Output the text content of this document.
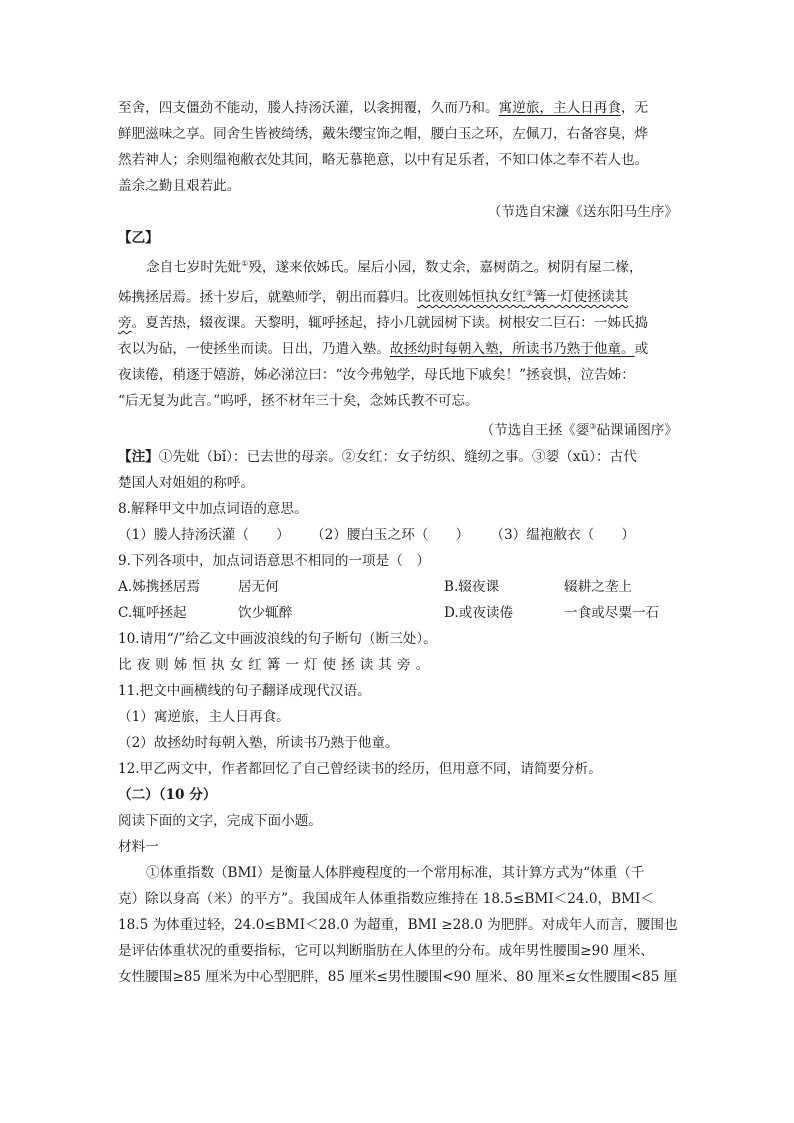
至舍，四支僵劲不能动，媵人持汤沃灌，以衾拥覆，久而乃和。寓逆旅，主人日再食，无
鲜肥滋味之享。同舍生皆被绮绣，戴朱缨宝饰之帽，腰白玉之环，左佩刀，右备容臭，烨
然若神人；余则缊袍敝衣处其间，略无慕艳意，以中有足乐者，不知口体之奉不若人也。
盖余之勤且艰若此。
（节选自宋濂《送东阳马生序》
【乙】
念自七岁时先妣①殁，遂来依姊氏。屋后小园，数丈余，嘉树荫之。树阴有屋二椽，
姊携拯居焉。拯十岁后，就塾师学，朝出而暮归。比夜则姊恒执女红②篝一灯使拯读其
旁。夏苦热，辍夜课。天黎明，辄呼拯起，持小几就园树下读。树根安二巨石：一姊氏捣
衣以为砧，一使拯坐而读。日出，乃遣入塾。故拯幼时每朝入塾，所读书乃熟于他童。或
夜读倦，稍逐于嬉游，姊必涕泣曰：“汝今弗勉学，母氏地下戚矣！”拯哀惧，泣告姊：
“后无复为此言。”呜呼，拯不材年三十矣，念姊氏教不可忘。
（节选自王拯《媭③砧课诵图序》
【注】①先妣（bǐ）：已去世的母亲。②女红：女子纺织、缝纫之事。③媭（xū）：古代
楚国人对姐姐的称呼。
8.解释甲文中加点词语的意思。
（1）媵人持汤沃灌（　　） （2）腰白玉之环（　　） （3）缊袍敝衣（　　）
9.下列各项中，加点词语意思不相同的一项是（　）
A.姊携拯居焉	居无何	B.辍夜课	辍耕之垄上
C.辄呼拯起	饮少辄醉	D.或夜读倦	一食或尽粟一石
10.请用“/”给乙文中画波浪线的句子断句（断三处）。
比夜则姊恒执女红篝一灯使拯读其旁。
11.把文中画横线的句子翻译成现代汉语。
（1）寓逆旅，主人日再食。
（2）故拯幼时每朝入塾，所读书乃熟于他童。
12.甲乙两文中，作者都回忆了自己曾经读书的经历，但用意不同，请简要分析。
（二）（10 分）
阅读下面的文字，完成下面小题。
材料一
①体重指数（BMI）是衡量人体胖瘦程度的一个常用标准，其计算方式为“体重（千
克）除以身高（米）的平方”。我国成年人体重指数应维持在 18.5≤BMI＜24.0，BMI＜
18.5 为体重过轻，24.0≤BMI＜28.0 为超重，BMI ≥28.0 为肥胖。对成年人而言，腰围也
是评估体重状况的重要指标，它可以判断脂肪在人体里的分布。成年男性腰围≥90 厘米、
女性腰围≥85 厘米为中心型肥胖，85 厘米≤男性腰围<90 厘米、80 厘米≤女性腰围<85 厘
